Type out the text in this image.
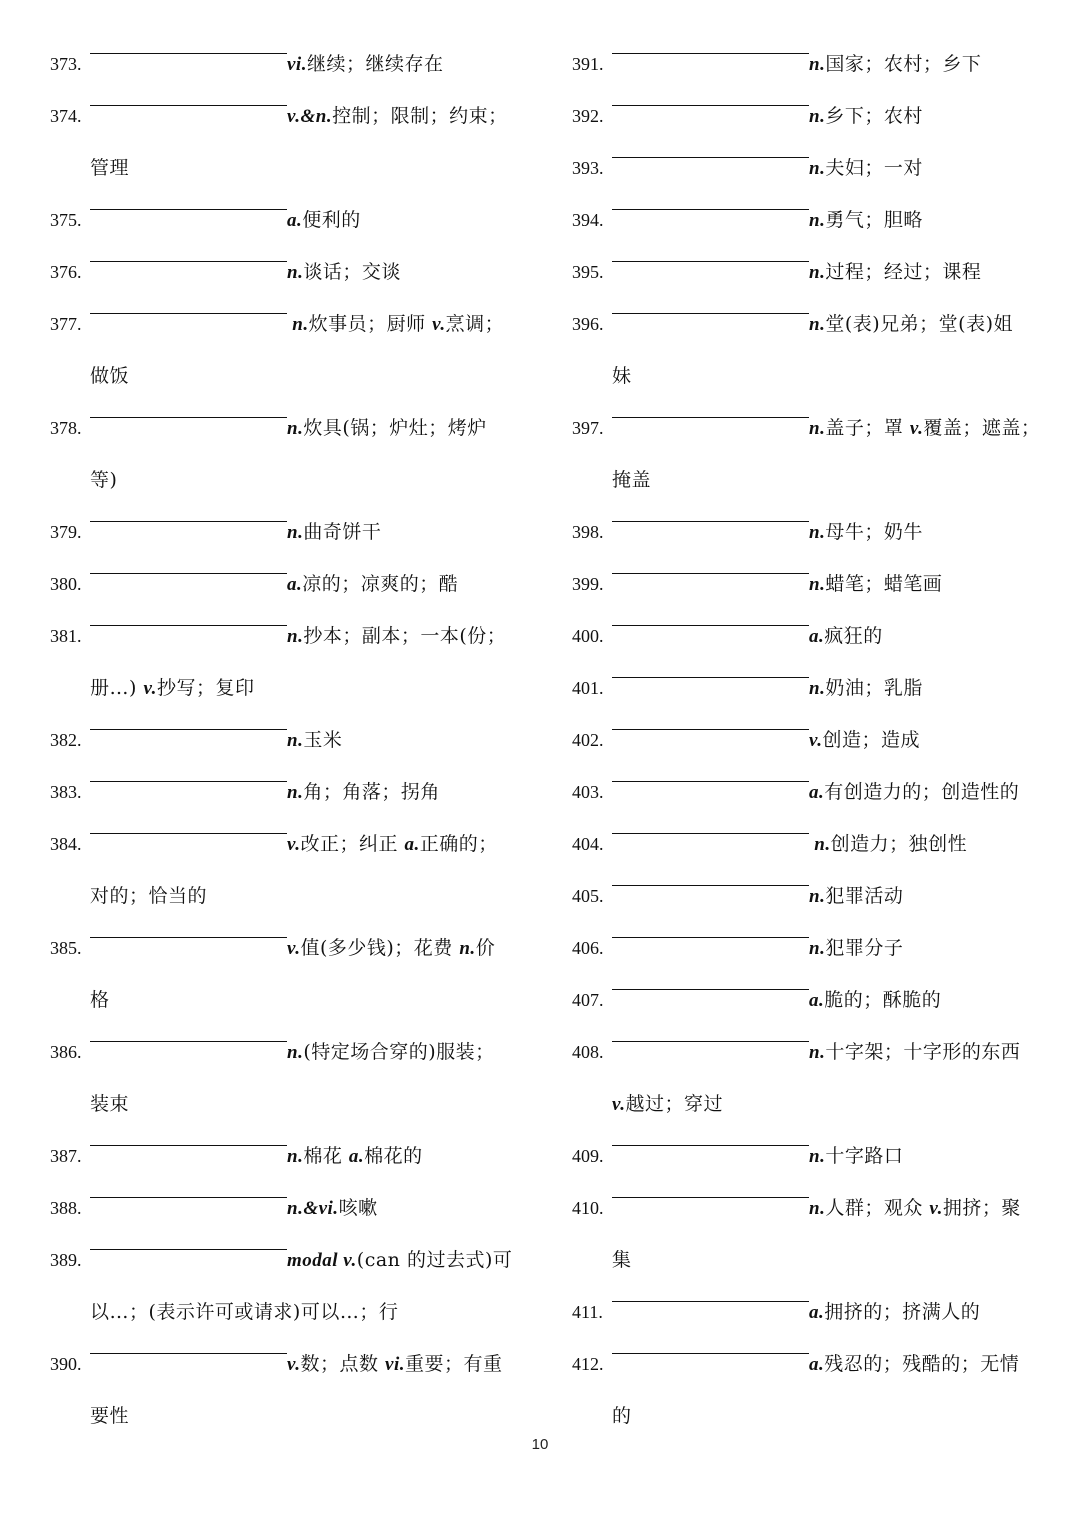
373.	vi.继续；继续存在
374.	v.&n.控制；限制；约束；
管理
375.	a.便利的
376.	n.谈话；交谈
377.	n.炊事员；厨师 v.烹调；
做饭
378.	n.炊具(锅；炉灶；烤炉
等)
379.	n.曲奇饼干
380.	a.凉的；凉爽的；酷
381.	n.抄本；副本；一本(份；
册…) v.抄写；复印
382.	n.玉米
383.	n.角；角落；拐角
384.	v.改正；纠正 a.正确的；
对的；恰当的
385.	v.值(多少钱)；花费 n.价
格
386.	n.(特定场合穿的)服装；
装束
387.	n.棉花 a.棉花的
388.	n.&vi.咳嗽
389.	modal v.(can 的过去式)可
以…；(表示许可或请求)可以…；行
390.	v.数；点数 vi.重要；有重
要性
391.	n.国家；农村；乡下
392.	n.乡下；农村
393.	n.夫妇；一对
394.	n.勇气；胆略
395.	n.过程；经过；课程
396.	n.堂(表)兄弟；堂(表)姐
妹
397.	n.盖子；罩 v.覆盖；遮盖；
掩盖
398.	n.母牛；奶牛
399.	n.蜡笔；蜡笔画
400.	a.疯狂的
401.	n.奶油；乳脂
402.	v.创造；造成
403.	a.有创造力的；创造性的
404.	n.创造力；独创性
405.	n.犯罪活动
406.	n.犯罪分子
407.	a.脆的；酥脆的
408.	n.十字架；十字形的东西
v.越过；穿过
409.	n.十字路口
410.	n.人群；观众 v.拥挤；聚
集
411.	a.拥挤的；挤满人的
412.	a.残忍的；残酷的；无情
的
10
